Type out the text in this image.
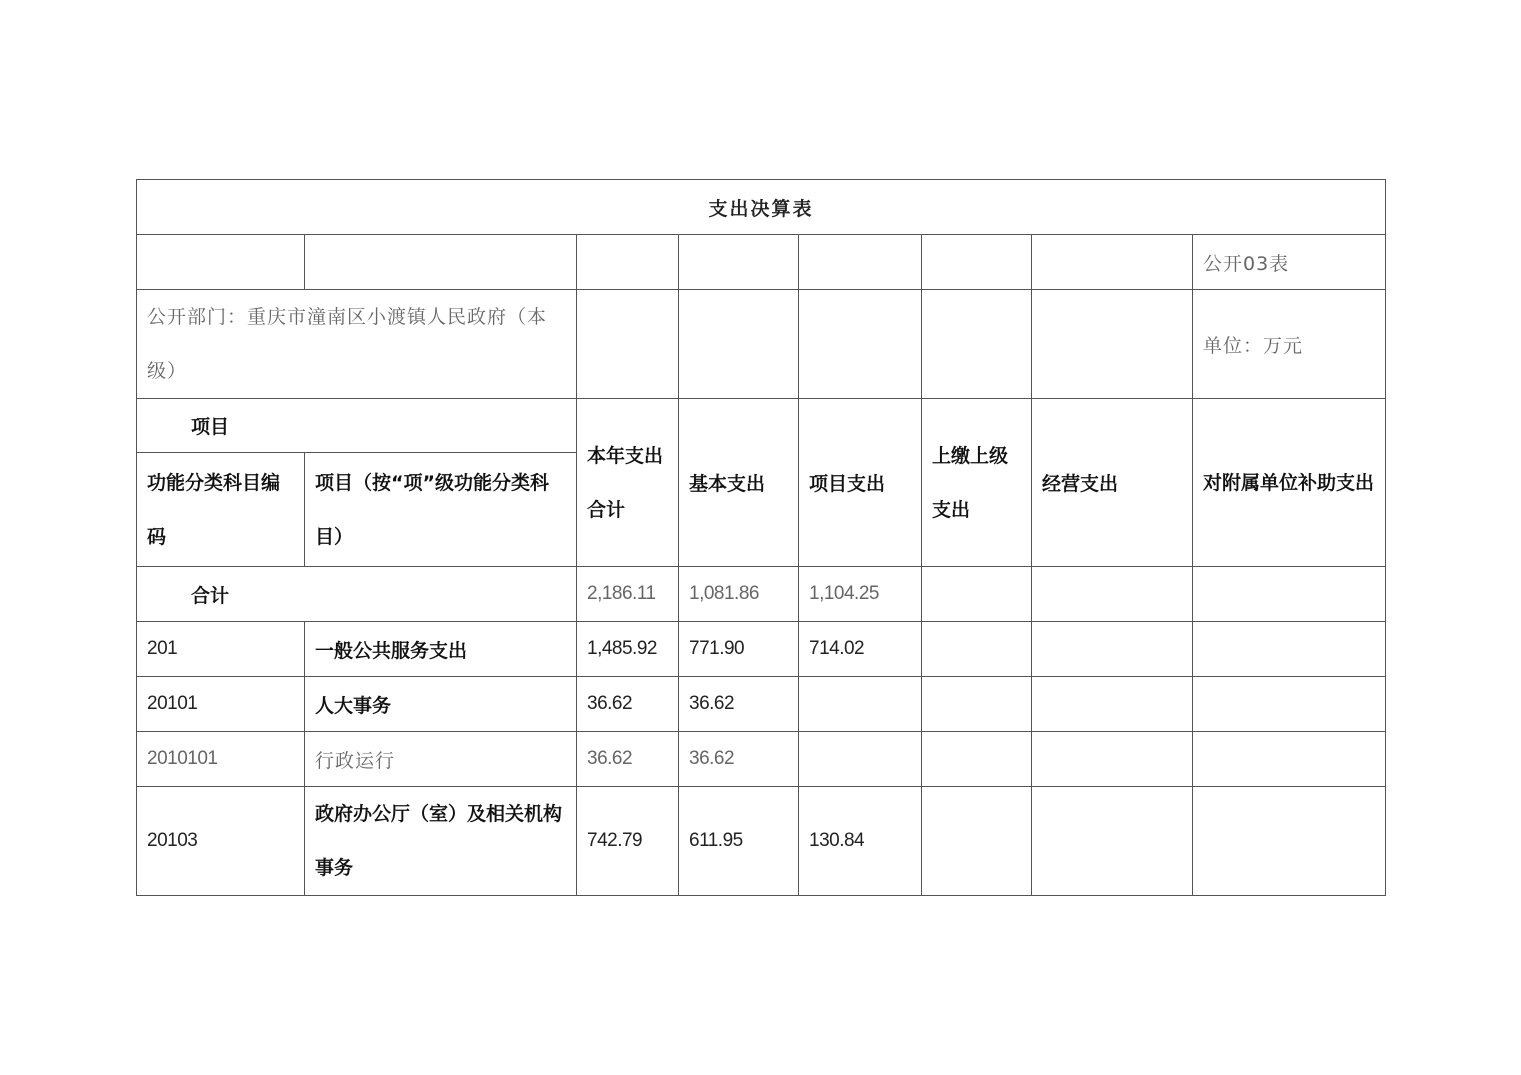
支出决算表							
							公开03表
公开部门：重庆市潼南区小渡镇人民政府（本级）							单位：万元
项目		本年支出合计	基本支出	项目支出	上缴上级支出	经营支出	对附属单位补助支出
功能分类科目编码	项目（按“项”级功能分类科目）						
合计		2,186.11	1,081.86	1,104.25			
201	一般公共服务支出	1,485.92	771.90	714.02			
20101	人大事务	36.62	36.62				
2010101	行政运行	36.62	36.62				
20103	政府办公厅（室）及相关机构事务	742.79	611.95	130.84			
